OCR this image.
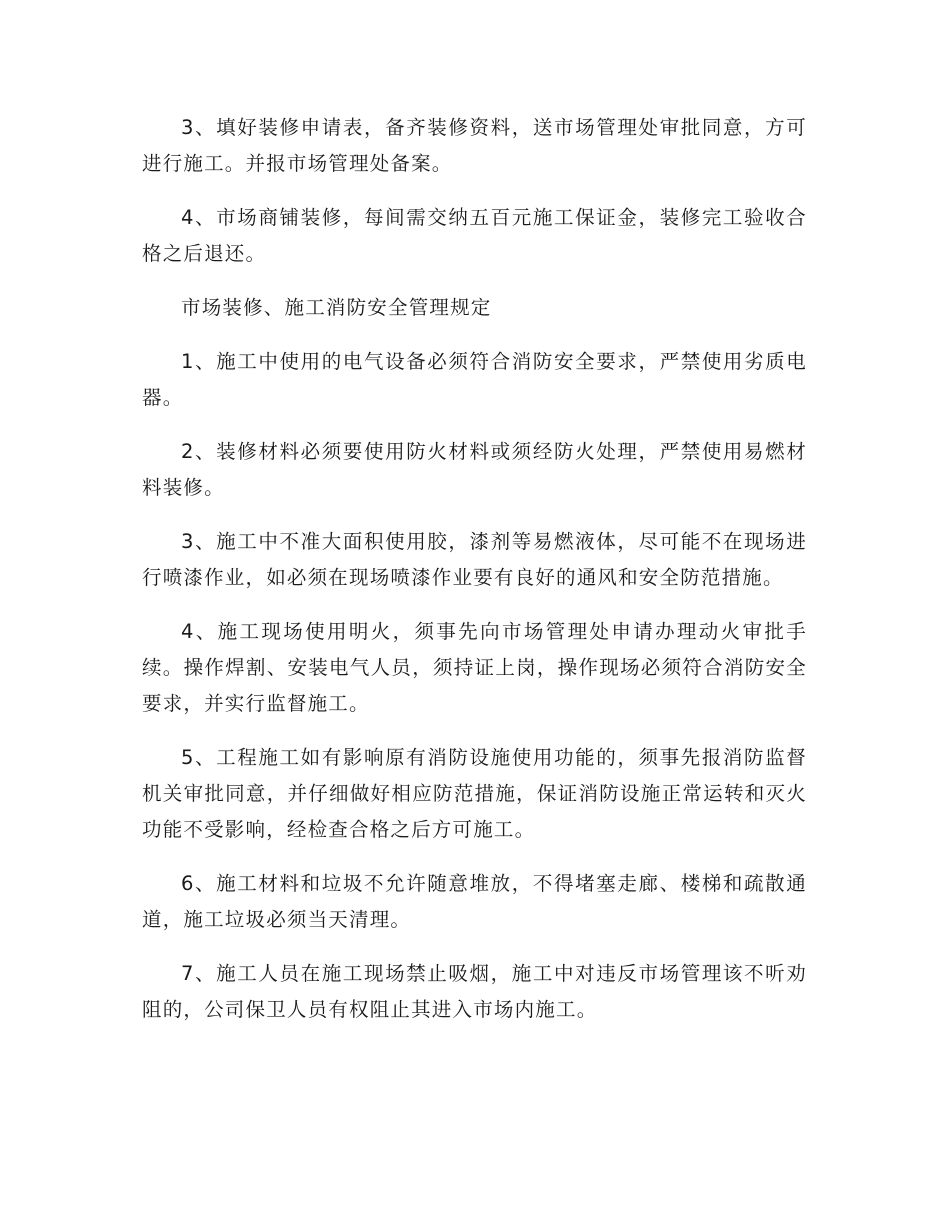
3、填好装修申请表，备齐装修资料，送市场管理处审批同意，方可进行施工。并报市场管理处备案。

4、市场商铺装修，每间需交纳五百元施工保证金，装修完工验收合格之后退还。

市场装修、施工消防安全管理规定

1、施工中使用的电气设备必须符合消防安全要求，严禁使用劣质电器。

2、装修材料必须要使用防火材料或须经防火处理，严禁使用易燃材料装修。

3、施工中不准大面积使用胶，漆剂等易燃液体，尽可能不在现场进行喷漆作业，如必须在现场喷漆作业要有良好的通风和安全防范措施。

4、施工现场使用明火，须事先向市场管理处申请办理动火审批手续。操作焊割、安装电气人员，须持证上岗，操作现场必须符合消防安全要求，并实行监督施工。

5、工程施工如有影响原有消防设施使用功能的，须事先报消防监督机关审批同意，并仔细做好相应防范措施，保证消防设施正常运转和灭火功能不受影响，经检查合格之后方可施工。

6、施工材料和垃圾不允许随意堆放，不得堵塞走廊、楼梯和疏散通道，施工垃圾必须当天清理。

7、施工人员在施工现场禁止吸烟，施工中对违反市场管理该不听劝阻的，公司保卫人员有权阻止其进入市场内施工。
